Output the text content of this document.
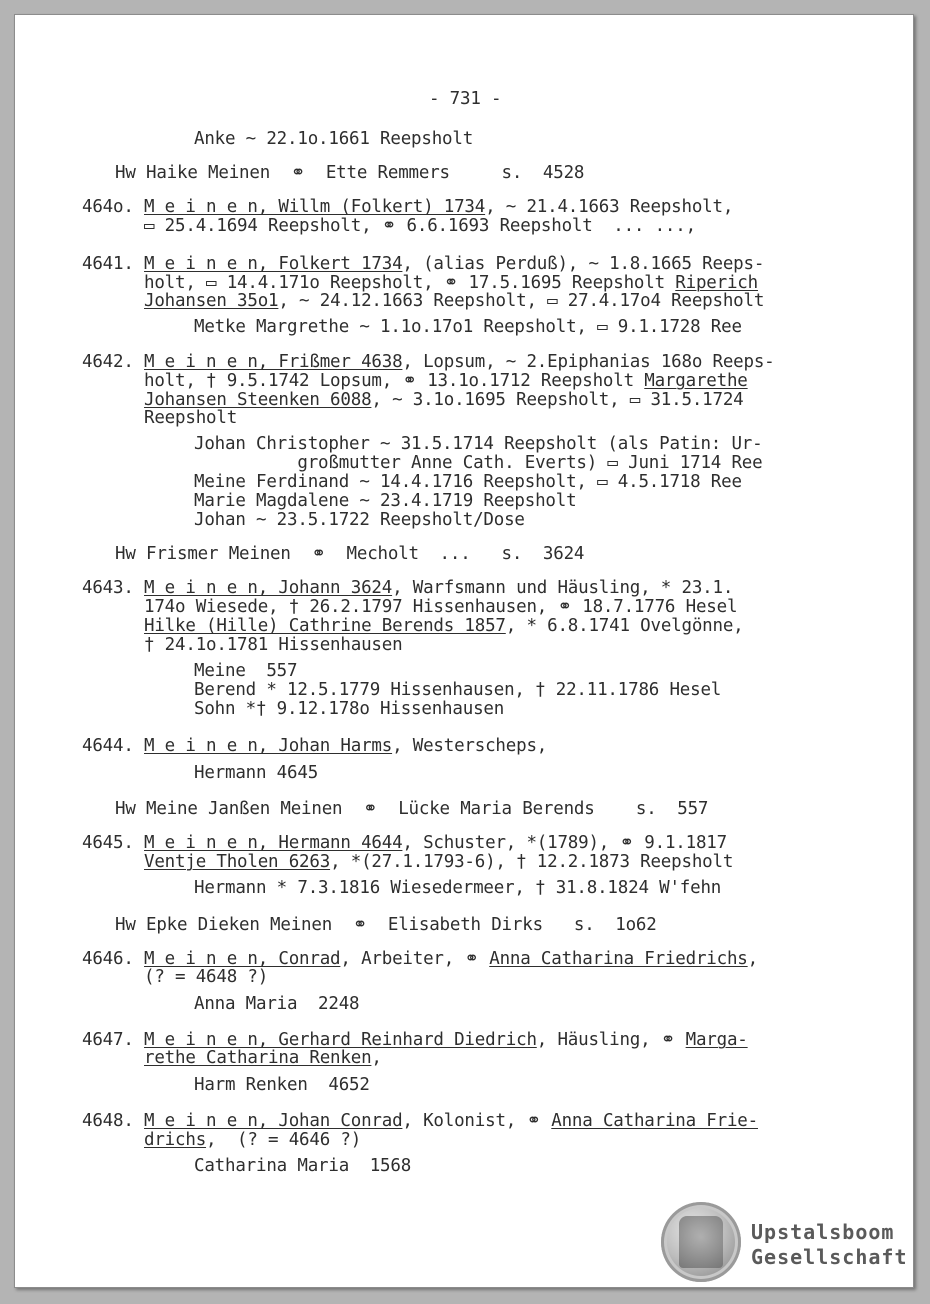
- 731 -
Anke ~ 22.1o.1661 Reepsholt
Hw Haike Meinen  ⚭  Ette Remmers     s.  4528
464o. M e i n e n, Willm (Folkert) 1734, ~ 21.4.1663 Reepsholt,
▭ 25.4.1694 Reepsholt, ⚭ 6.6.1693 Reepsholt  ... ...,
4641. M e i n e n, Folkert 1734, (alias Perduß), ~ 1.8.1665 Reeps-
holt, ▭ 14.4.171o Reepsholt, ⚭ 17.5.1695 Reepsholt Riperich
Johansen 35o1, ~ 24.12.1663 Reepsholt, ▭ 27.4.17o4 Reepsholt
Metke Margrethe ~ 1.1o.17o1 Reepsholt, ▭ 9.1.1728 Ree
4642. M e i n e n, Frißmer 4638, Lopsum, ~ 2.Epiphanias 168o Reeps-
holt, † 9.5.1742 Lopsum, ⚭ 13.1o.1712 Reepsholt Margarethe
Johansen Steenken 6088, ~ 3.1o.1695 Reepsholt, ▭ 31.5.1724
Reepsholt
Johan Christopher ~ 31.5.1714 Reepsholt (als Patin: Ur-
großmutter Anne Cath. Everts) ▭ Juni 1714 Ree
Meine Ferdinand ~ 14.4.1716 Reepsholt, ▭ 4.5.1718 Ree
Marie Magdalene ~ 23.4.1719 Reepsholt
Johan ~ 23.5.1722 Reepsholt/Dose
Hw Frismer Meinen  ⚭  Mecholt  ...   s.  3624
4643. M e i n e n, Johann 3624, Warfsmann und Häusling, * 23.1.
174o Wiesede, † 26.2.1797 Hissenhausen, ⚭ 18.7.1776 Hesel
Hilke (Hille) Cathrine Berends 1857, * 6.8.1741 Ovelgönne,
† 24.1o.1781 Hissenhausen
Meine  557
Berend * 12.5.1779 Hissenhausen, † 22.11.1786 Hesel
Sohn *† 9.12.178o Hissenhausen
4644. M e i n e n, Johan Harms, Westerscheps,
Hermann 4645
Hw Meine Janßen Meinen  ⚭  Lücke Maria Berends    s.  557
4645. M e i n e n, Hermann 4644, Schuster, *(1789), ⚭ 9.1.1817
Ventje Tholen 6263, *(27.1.1793-6), † 12.2.1873 Reepsholt
Hermann * 7.3.1816 Wiesedermeer, † 31.8.1824 W'fehn
Hw Epke Dieken Meinen  ⚭  Elisabeth Dirks   s.  1o62
4646. M e i n e n, Conrad, Arbeiter, ⚭ Anna Catharina Friedrichs,
(? = 4648 ?)
Anna Maria  2248
4647. M e i n e n, Gerhard Reinhard Diedrich, Häusling, ⚭ Marga-
rethe Catharina Renken,
Harm Renken  4652
4648. M e i n e n, Johan Conrad, Kolonist, ⚭ Anna Catharina Frie-
drichs,  (? = 4646 ?)
Catharina Maria  1568
Upstalsboom
Gesellschaft
